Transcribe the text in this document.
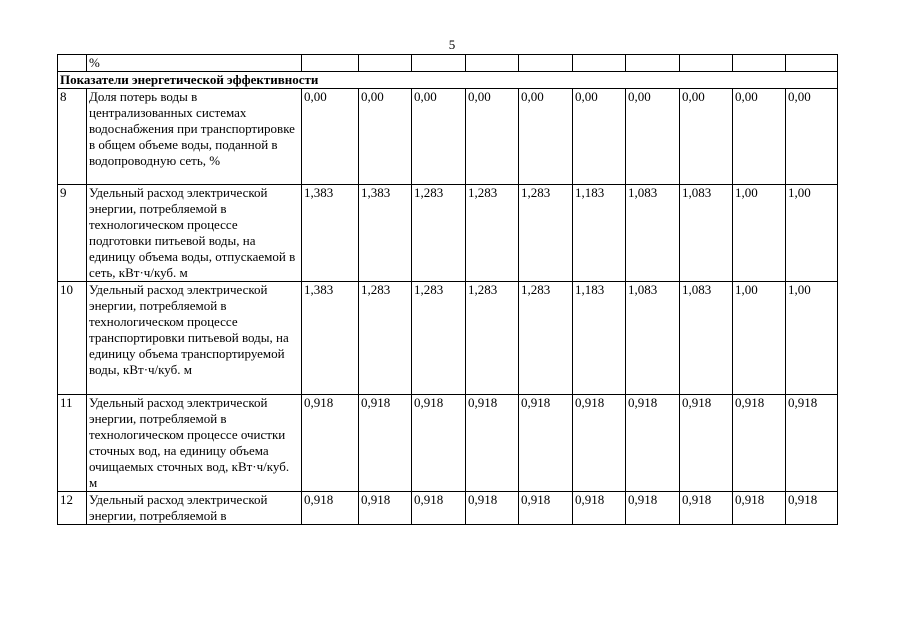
5
	%										
Показатели энергетической эффективности											
8	Доля потерь воды в централизованных системах водоснабжения при транспортировке в общем объеме воды, поданной в водопроводную сеть, %	0,00	0,00	0,00	0,00	0,00	0,00	0,00	0,00	0,00	0,00
9	Удельный расход электрической энергии, потребляемой в технологическом процессе подготовки питьевой воды, на единицу объема воды, отпускаемой в сеть, кВт·ч/куб. м	1,383	1,383	1,283	1,283	1,283	1,183	1,083	1,083	1,00	1,00
10	Удельный расход электрической энергии, потребляемой в технологическом процессе транспортировки питьевой воды, на единицу объема транспортируемой воды, кВт·ч/куб. м	1,383	1,283	1,283	1,283	1,283	1,183	1,083	1,083	1,00	1,00
11	Удельный расход электрической энергии, потребляемой в технологическом процессе очистки сточных вод, на единицу объема очищаемых сточных вод, кВт·ч/куб. м	0,918	0,918	0,918	0,918	0,918	0,918	0,918	0,918	0,918	0,918
12	Удельный расход электрической энергии, потребляемой в	0,918	0,918	0,918	0,918	0,918	0,918	0,918	0,918	0,918	0,918
